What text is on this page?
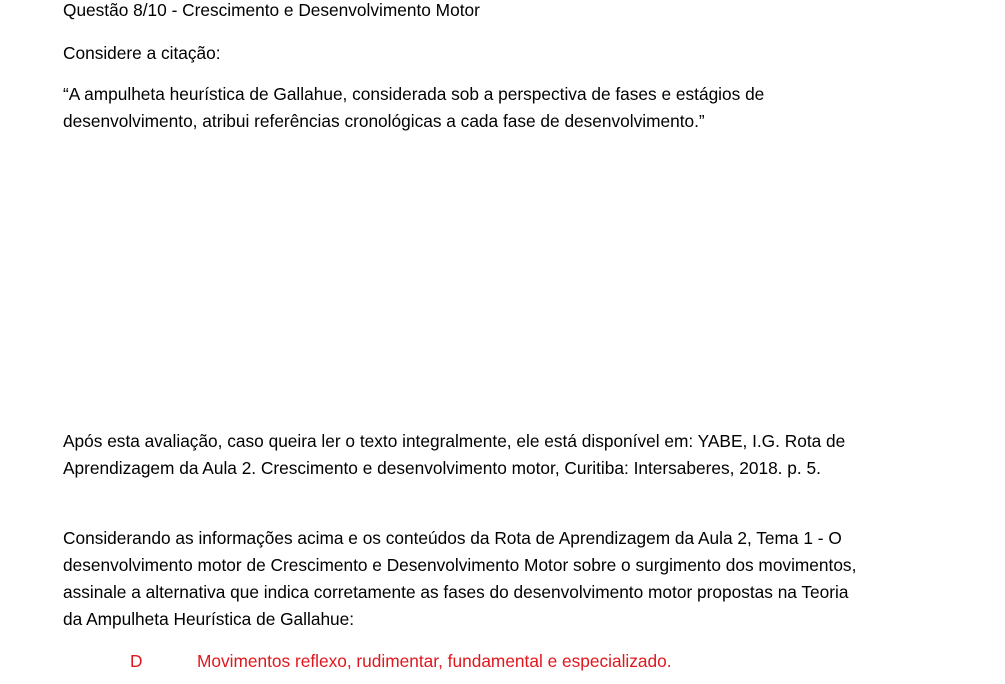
Questão 8/10 - Crescimento e Desenvolvimento Motor

Considere a citação:

“A ampulheta heurística de Gallahue, considerada sob a perspectiva de fases e estágios de desenvolvimento, atribui referências cronológicas a cada fase de desenvolvimento.”

Após esta avaliação, caso queira ler o texto integralmente, ele está disponível em: YABE, I.G. Rota de Aprendizagem da Aula 2. Crescimento e desenvolvimento motor, Curitiba: Intersaberes, 2018. p. 5.

Considerando as informações acima e os conteúdos da Rota de Aprendizagem da Aula 2, Tema 1 - O desenvolvimento motor de Crescimento e Desenvolvimento Motor sobre o surgimento dos movimentos, assinale a alternativa que indica corretamente as fases do desenvolvimento motor propostas na Teoria da Ampulheta Heurística de Gallahue:

D	Movimentos reflexo, rudimentar, fundamental e especializado.
